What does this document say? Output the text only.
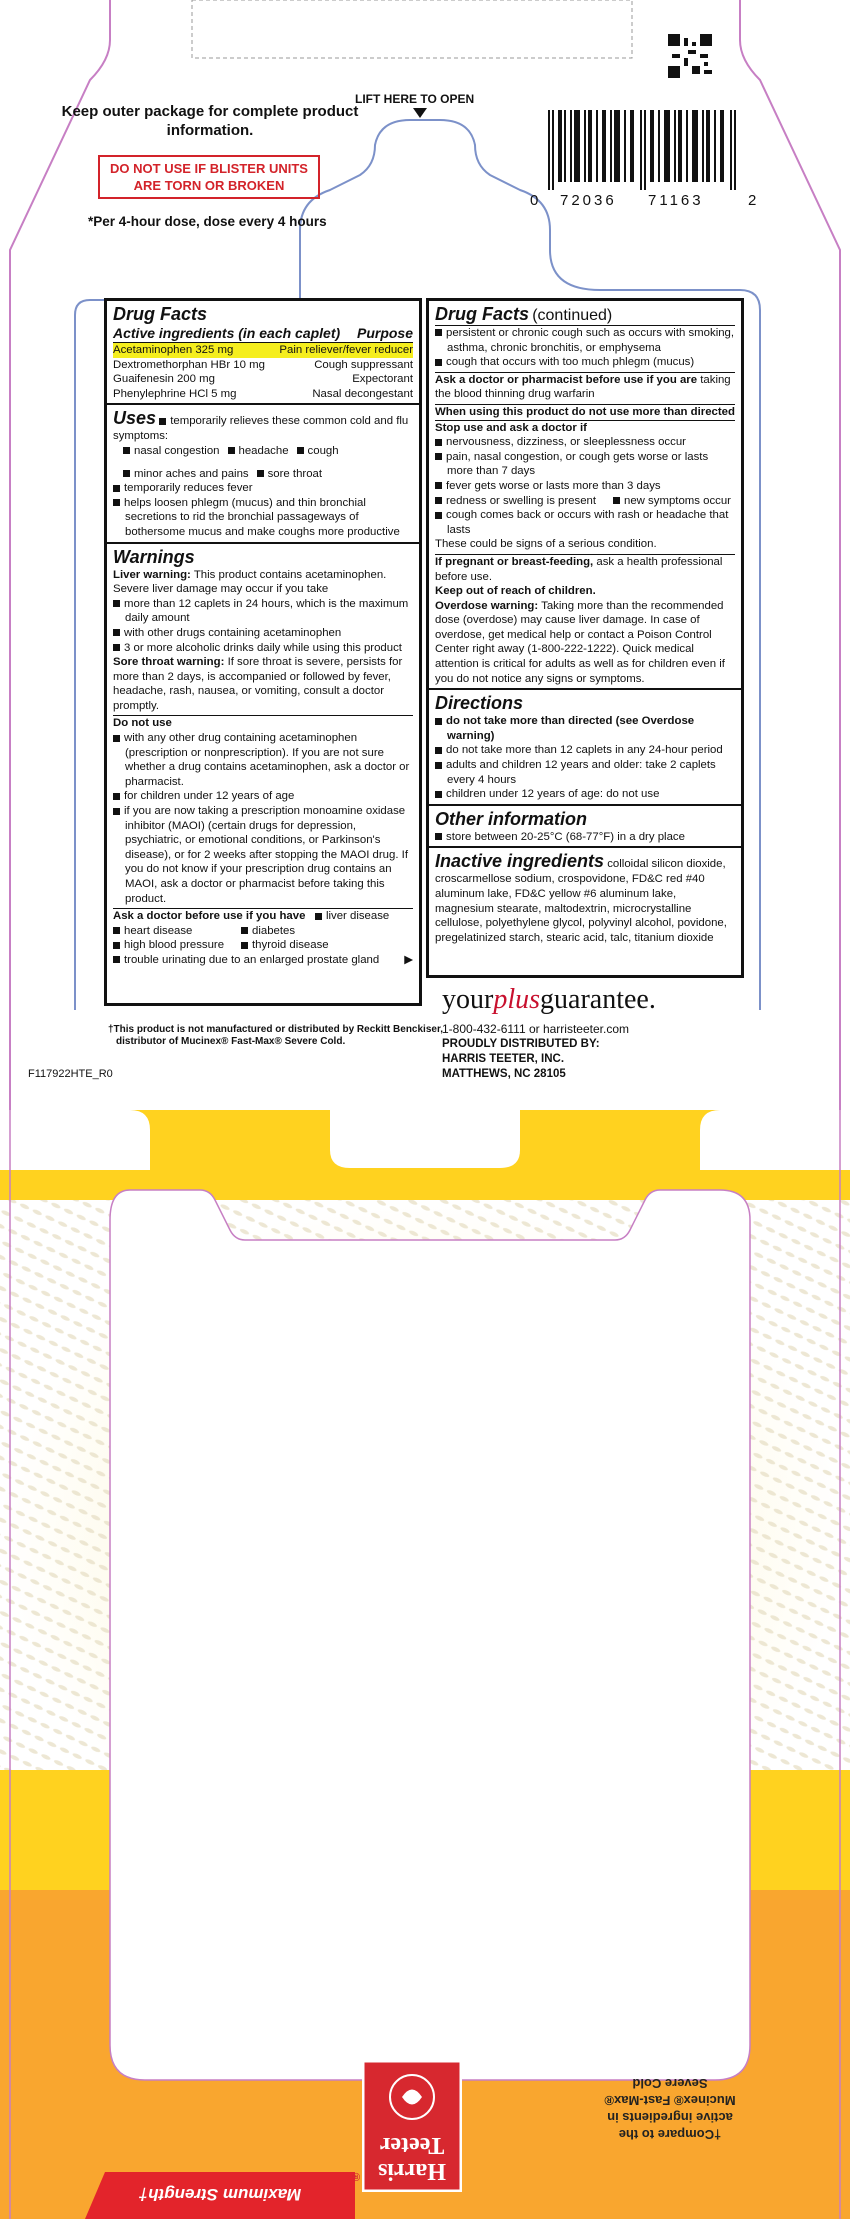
Keep outer package for complete product information.
DO NOT USE IF BLISTER UNITS ARE TORN OR BROKEN
*Per 4-hour dose, dose every 4 hours
LIFT HERE TO OPEN
0 72036 71163	2
Drug Facts
Active ingredients (in each caplet) Purpose
Acetaminophen 325 mg	Pain reliever/fever reducer
Dextromethorphan HBr 10 mg	Cough suppressant
Guaifenesin 200 mg	Expectorant
Phenylephrine HCl 5 mg	Nasal decongestant
Uses temporarily relieves these common cold and flu symptoms:
nasal congestion	headache	cough
minor aches and pains	sore throat
temporarily reduces fever
helps loosen phlegm (mucus) and thin bronchial secretions to rid the bronchial passageways of bothersome mucus and make coughs more productive
Warnings
Liver warning: This product contains acetaminophen. Severe liver damage may occur if you take
more than 12 caplets in 24 hours, which is the maximum daily amount
with other drugs containing acetaminophen
3 or more alcoholic drinks daily while using this product
Sore throat warning: If sore throat is severe, persists for more than 2 days, is accompanied or followed by fever, headache, rash, nausea, or vomiting, consult a doctor promptly.
Do not use
with any other drug containing acetaminophen (prescription or nonprescription). If you are not sure whether a drug contains acetaminophen, ask a doctor or pharmacist.
for children under 12 years of age
if you are now taking a prescription monoamine oxidase inhibitor (MAOI) (certain drugs for depression, psychiatric, or emotional conditions, or Parkinson's disease), or for 2 weeks after stopping the MAOI drug. If you do not know if your prescription drug contains an MAOI, ask a doctor or pharmacist before taking this product.
Ask a doctor before use if you have liver disease
heart disease	diabetes
high blood pressure	thyroid disease
trouble urinating due to an enlarged prostate gland ▶
Drug Facts (continued)
persistent or chronic cough such as occurs with smoking, asthma, chronic bronchitis, or emphysema
cough that occurs with too much phlegm (mucus)
Ask a doctor or pharmacist before use if you are taking the blood thinning drug warfarin
When using this product do not use more than directed
Stop use and ask a doctor if
nervousness, dizziness, or sleeplessness occur
pain, nasal congestion, or cough gets worse or lasts more than 7 days
fever gets worse or lasts more than 3 days
redness or swelling is present	new symptoms occur
cough comes back or occurs with rash or headache that lasts
These could be signs of a serious condition.
If pregnant or breast-feeding, ask a health professional before use.
Keep out of reach of children.
Overdose warning: Taking more than the recommended dose (overdose) may cause liver damage. In case of overdose, get medical help or contact a Poison Control Center right away (1-800-222-1222). Quick medical attention is critical for adults as well as for children even if you do not notice any signs or symptoms.
Directions
do not take more than directed (see Overdose warning)
do not take more than 12 caplets in any 24-hour period
adults and children 12 years and older: take 2 caplets every 4 hours
children under 12 years of age: do not use
Other information
store between 20-25°C (68-77°F) in a dry place
Inactive ingredients colloidal silicon dioxide, croscarmellose sodium, crospovidone, FD&C red #40 aluminum lake, FD&C yellow #6 aluminum lake, magnesium stearate, maltodextrin, microcrystalline cellulose, polyethylene glycol, polyvinyl alcohol, povidone, pregelatinized starch, stearic acid, talc, titanium dioxide
yourplusguarantee.
1-800-432-6111 or harristeeter.com
PROUDLY DISTRIBUTED BY:
HARRIS TEETER, INC.
MATTHEWS, NC 28105
†This product is not manufactured or distributed by Reckitt Benckiser,
distributor of Mucinex® Fast-Max® Severe Cold.
F117922HTE_R0
Maximum Strength†
Harris
Teeter
®
†Compare to the
active ingredients in
Mucinex® Fast-Max®
Severe Cold
